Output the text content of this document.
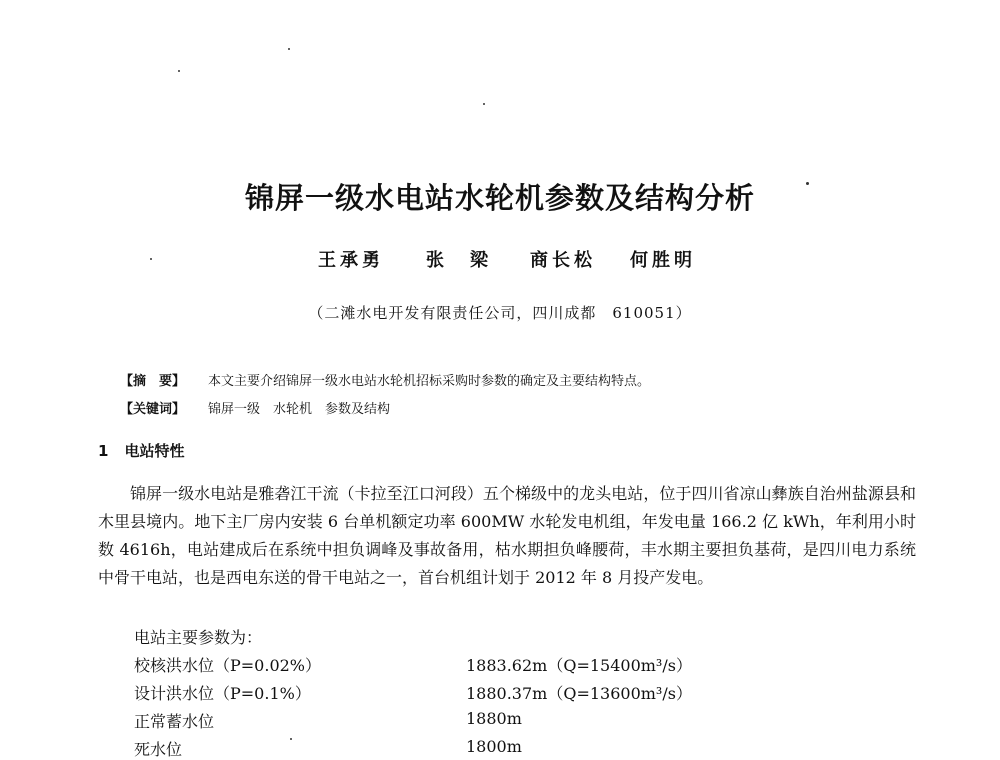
锦屏一级水电站水轮机参数及结构分析
王承勇 张　梁 商长松 何胜明
（二滩水电开发有限责任公司，四川成都　610051）
【摘　要】 本文主要介绍锦屏一级水电站水轮机招标采购时参数的确定及主要结构特点。
【关键词】 锦屏一级　水轮机　参数及结构
1 电站特性

锦屏一级水电站是雅砻江干流（卡拉至江口河段）五个梯级中的龙头电站，位于四川省凉山彝族自治州盐源县和木里县境内。地下主厂房内安装 6 台单机额定功率 600MW 水轮发电机组，年发电量 166.2 亿 kWh，年利用小时数 4616h，电站建成后在系统中担负调峰及事故备用，枯水期担负峰腰荷，丰水期主要担负基荷，是四川电力系统中骨干电站，也是西电东送的骨干电站之一，首台机组计划于 2012 年 8 月投产发电。

电站主要参数为：
校核洪水位（P=0.02%）	1883.62m（Q=15400m³/s）
设计洪水位（P=0.1%）	1880.37m（Q=13600m³/s）
正常蓄水位	1880m
死水位	1800m
